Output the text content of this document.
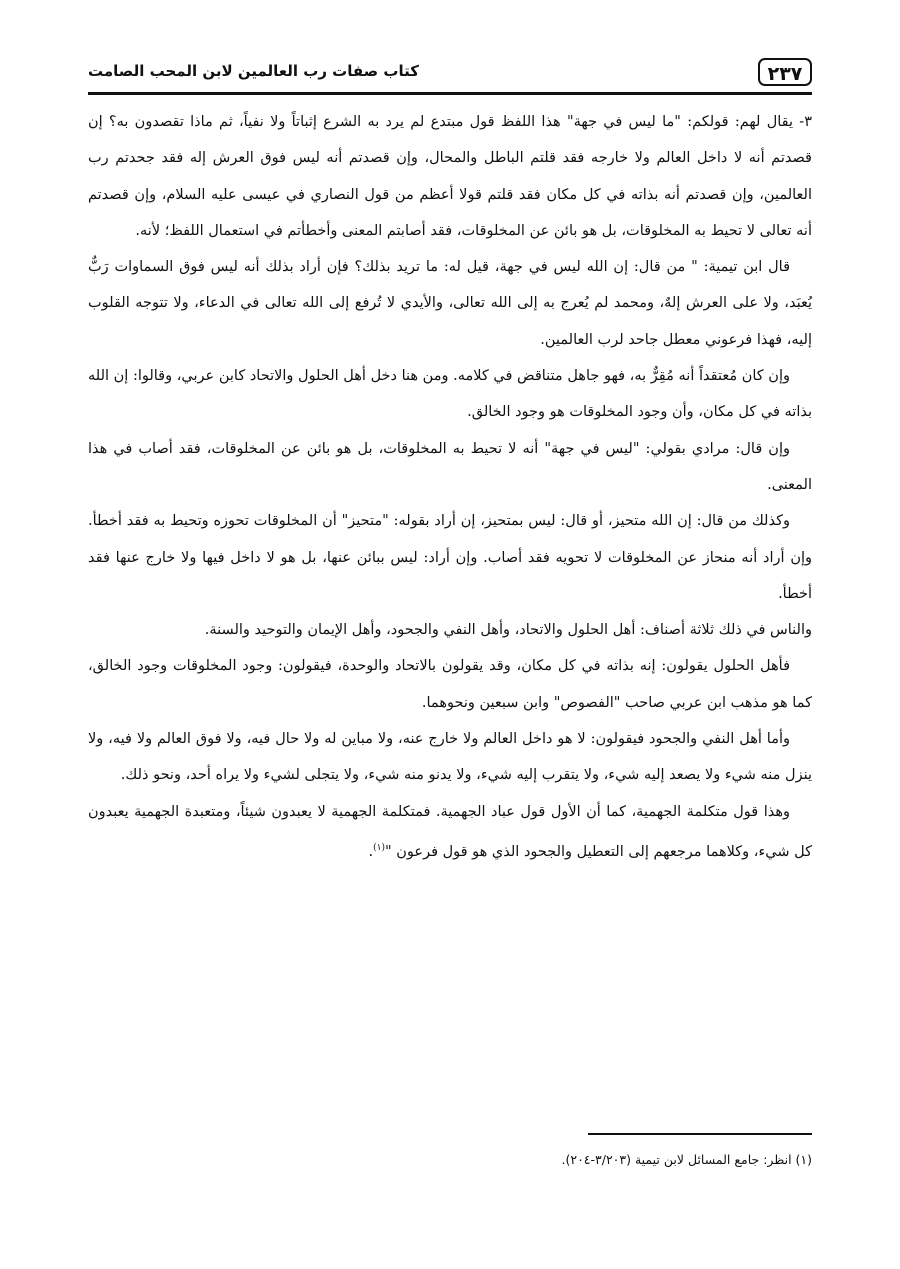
٢٣٧
كتاب صفات رب العالمين لابن المحب الصامت

٣- يقال لهم: قولكم: "ما ليس في جهة" هذا اللفظ قول مبتدع لم يرد به الشرع إثباتاً ولا نفياً، ثم ماذا تقصدون به؟ إن قصدتم أنه لا داخل العالم ولا خارجه فقد قلتم الباطل والمحال، وإن قصدتم أنه ليس فوق العرش إله فقد جحدتم رب العالمين، وإن قصدتم أنه بذاته في كل مكان فقد قلتم قولا أعظم من قول النصاري في عيسى عليه السلام، وإن قصدتم أنه تعالى لا تحيط به المخلوقات، بل هو بائن عن المخلوقات، فقد أصابتم المعنى وأخطأتم في استعمال اللفظ؛ لأنه.

قال ابن تيمية: " من قال: إن الله ليس في جهة، قيل له: ما تريد بذلك؟ فإن أراد بذلك أنه ليس فوق السماوات رَبٌّ يُعبَد، ولا على العرش إلهٌ، ومحمد لم يُعرج به إلى الله تعالى، والأيدي لا تُرفع إلى الله تعالى في الدعاء، ولا تتوجه القلوب إليه، فهذا فرعوني معطل جاحد لرب العالمين.

وإن كان مُعتقداً أنه مُقِرٌّ به، فهو جاهل متناقض في كلامه. ومن هنا دخل أهل الحلول والاتحاد كابن عربي، وقالوا: إن الله بذاته في كل مكان، وأن وجود المخلوقات هو وجود الخالق.

وإن قال: مرادي بقولي: "ليس في جهة" أنه لا تحيط به المخلوقات، بل هو بائن عن المخلوقات، فقد أصاب في هذا المعنى.

وكذلك من قال: إن الله متحيز، أو قال: ليس بمتحيز، إن أراد بقوله: "متحيز" أن المخلوقات تحوزه وتحيط به فقد أخطأ. وإن أراد أنه منحاز عن المخلوقات لا تحويه فقد أصاب. وإن أراد: ليس ببائن عنها، بل هو لا داخل فيها ولا خارج عنها فقد أخطأ.

والناس في ذلك ثلاثة أصناف: أهل الحلول والاتحاد، وأهل النفي والجحود، وأهل الإيمان والتوحيد والسنة.

فأهل الحلول يقولون: إنه بذاته في كل مكان، وقد يقولون بالاتحاد والوحدة، فيقولون: وجود المخلوقات وجود الخالق، كما هو مذهب ابن عربي صاحب "الفصوص" وابن سبعين ونحوهما.

وأما أهل النفي والجحود فيقولون: لا هو داخل العالم ولا خارج عنه، ولا مباين له ولا حال فيه، ولا فوق العالم ولا فيه، ولا ينزل منه شيء ولا يصعد إليه شيء، ولا يتقرب إليه شيء، ولا يدنو منه شيء، ولا يتجلى لشيء ولا يراه أحد، ونحو ذلك.

وهذا قول متكلمة الجهمية، كما أن الأول قول عباد الجهمية. فمتكلمة الجهمية لا يعبدون شيئاً، ومتعبدة الجهمية يعبدون كل شيء، وكلاهما مرجعهم إلى التعطيل والجحود الذي هو قول فرعون "$^{(١)}$.

(١) انظر: جامع المسائل لابن تيمية (٣/٢٠٣-٢٠٤).
